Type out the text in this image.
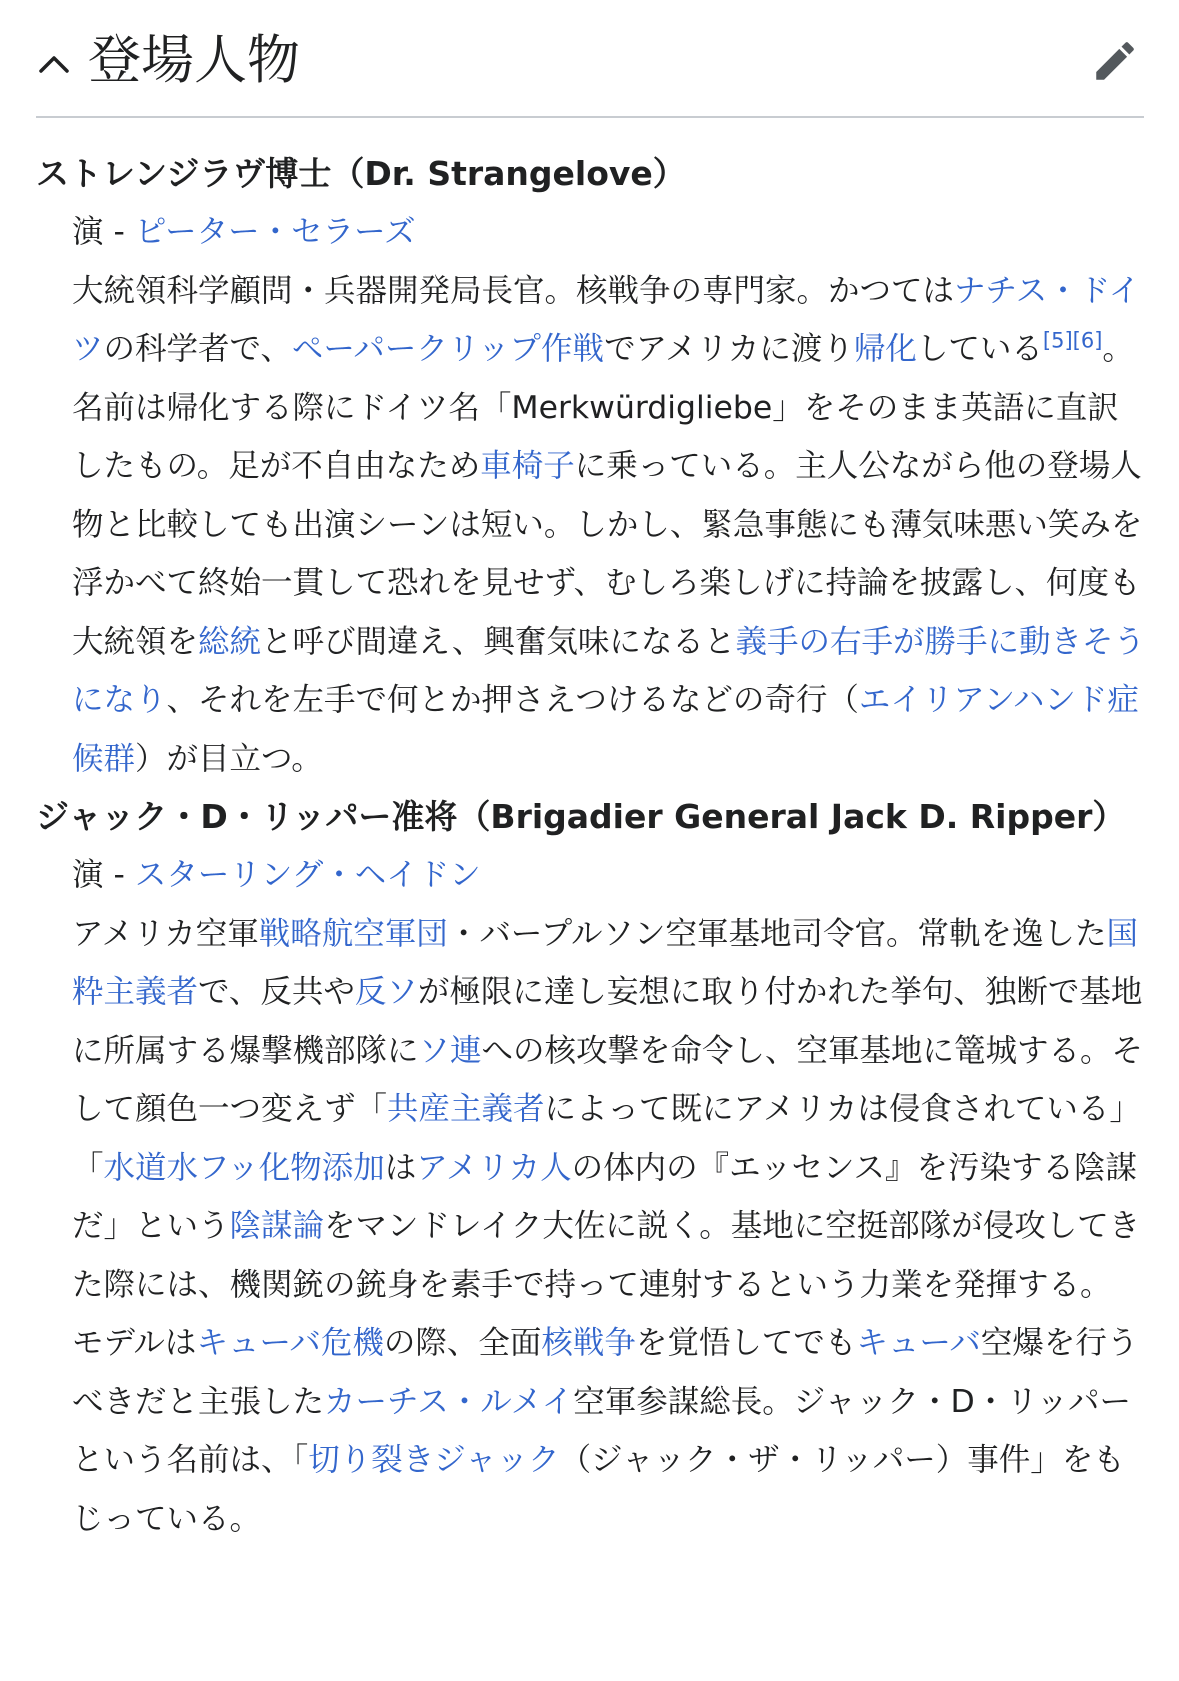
登場人物
ストレンジラヴ博士（Dr. Strangelove）
演 - ピーター・セラーズ
大統領科学顧問・兵器開発局長官。核戦争の専門家。かつてはナチス・ドイツの科学者で、ペーパークリップ作戦でアメリカに渡り帰化している[5][6]。名前は帰化する際にドイツ名「Merkwürdigliebe」をそのまま英語に直訳したもの。足が不自由なため車椅子に乗っている。主人公ながら他の登場人物と比較しても出演シーンは短い。しかし、緊急事態にも薄気味悪い笑みを浮かべて終始一貫して恐れを見せず、むしろ楽しげに持論を披露し、何度も大統領を総統と呼び間違え、興奮気味になると義手の右手が勝手に動きそうになり、それを左手で何とか押さえつけるなどの奇行（エイリアンハンド症候群）が目立つ。
ジャック・D・リッパー准将（Brigadier General Jack D. Ripper）
演 - スターリング・ヘイドン
アメリカ空軍戦略航空軍団・バープルソン空軍基地司令官。常軌を逸した国粋主義者で、反共や反ソが極限に達し妄想に取り付かれた挙句、独断で基地に所属する爆撃機部隊にソ連への核攻撃を命令し、空軍基地に篭城する。そして顔色一つ変えず「共産主義者によって既にアメリカは侵食されている」「水道水フッ化物添加はアメリカ人の体内の『エッセンス』を汚染する陰謀だ」という陰謀論をマンドレイク大佐に説く。基地に空挺部隊が侵攻してきた際には、機関銃の銃身を素手で持って連射するという力業を発揮する。
モデルはキューバ危機の際、全面核戦争を覚悟してでもキューバ空爆を行うべきだと主張したカーチス・ルメイ空軍参謀総長。ジャック・D・リッパーという名前は、「切り裂きジャック（ジャック・ザ・リッパー）事件」をもじっている。
